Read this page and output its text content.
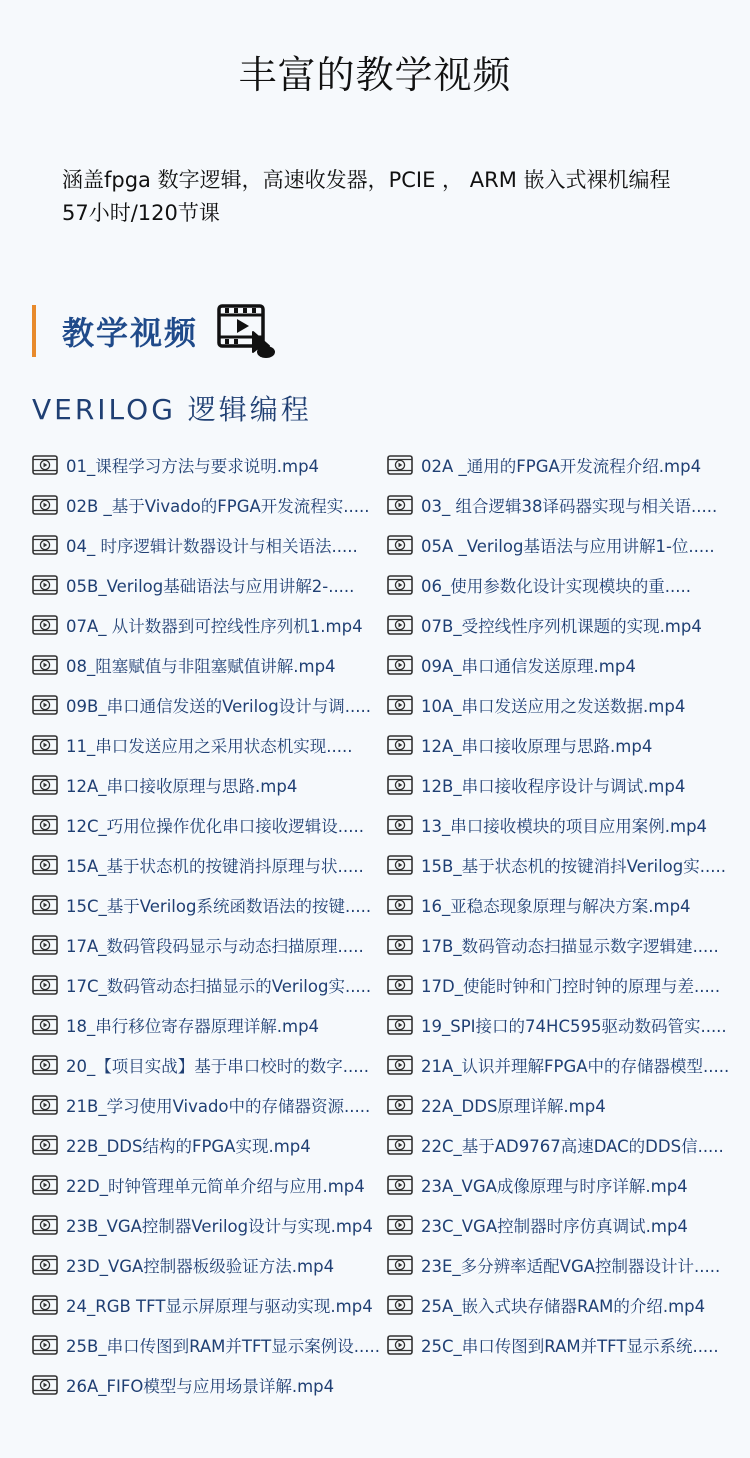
丰富的教学视频
涵盖fpga 数字逻辑，高速收发器，PCIE ， ARM 嵌入式裸机编程
57小时/120节课
教学视频
VERILOG 逻辑编程
01_课程学习方法与要求说明.mp4	02A _通用的FPGA开发流程介绍.mp4
02B _基于Vivado的FPGA开发流程实.....	03_ 组合逻辑38译码器实现与相关语.....
04_ 时序逻辑计数器设计与相关语法.....	05A _Verilog基语法与应用讲解1-位.....
05B_Verilog基础语法与应用讲解2-.....	06_使用参数化设计实现模块的重.....
07A_ 从计数器到可控线性序列机1.mp4	07B_受控线性序列机课题的实现.mp4
08_阻塞赋值与非阻塞赋值讲解.mp4	09A_串口通信发送原理.mp4
09B_串口通信发送的Verilog设计与调.....	10A_串口发送应用之发送数据.mp4
11_串口发送应用之采用状态机实现.....	12A_串口接收原理与思路.mp4
12A_串口接收原理与思路.mp4	12B_串口接收程序设计与调试.mp4
12C_巧用位操作优化串口接收逻辑设.....	13_串口接收模块的项目应用案例.mp4
15A_基于状态机的按键消抖原理与状.....	15B_基于状态机的按键消抖Verilog实.....
15C_基于Verilog系统函数语法的按键.....	16_亚稳态现象原理与解决方案.mp4
17A_数码管段码显示与动态扫描原理.....	17B_数码管动态扫描显示数字逻辑建.....
17C_数码管动态扫描显示的Verilog实.....	17D_使能时钟和门控时钟的原理与差.....
18_串行移位寄存器原理详解.mp4	19_SPI接口的74HC595驱动数码管实.....
20_【项目实战】基于串口校时的数字.....	21A_认识并理解FPGA中的存储器模型.....
21B_学习使用Vivado中的存储器资源.....	22A_DDS原理详解.mp4
22B_DDS结构的FPGA实现.mp4	22C_基于AD9767高速DAC的DDS信.....
22D_时钟管理单元简单介绍与应用.mp4	23A_VGA成像原理与时序详解.mp4
23B_VGA控制器Verilog设计与实现.mp4	23C_VGA控制器时序仿真调试.mp4
23D_VGA控制器板级验证方法.mp4	23E_多分辨率适配VGA控制器设计计.....
24_RGB TFT显示屏原理与驱动实现.mp4	25A_嵌入式块存储器RAM的介绍.mp4
25B_串口传图到RAM并TFT显示案例设..... 25C_串口传图到RAM并TFT显示系统.....
26A_FIFO模型与应用场景详解.mp4
